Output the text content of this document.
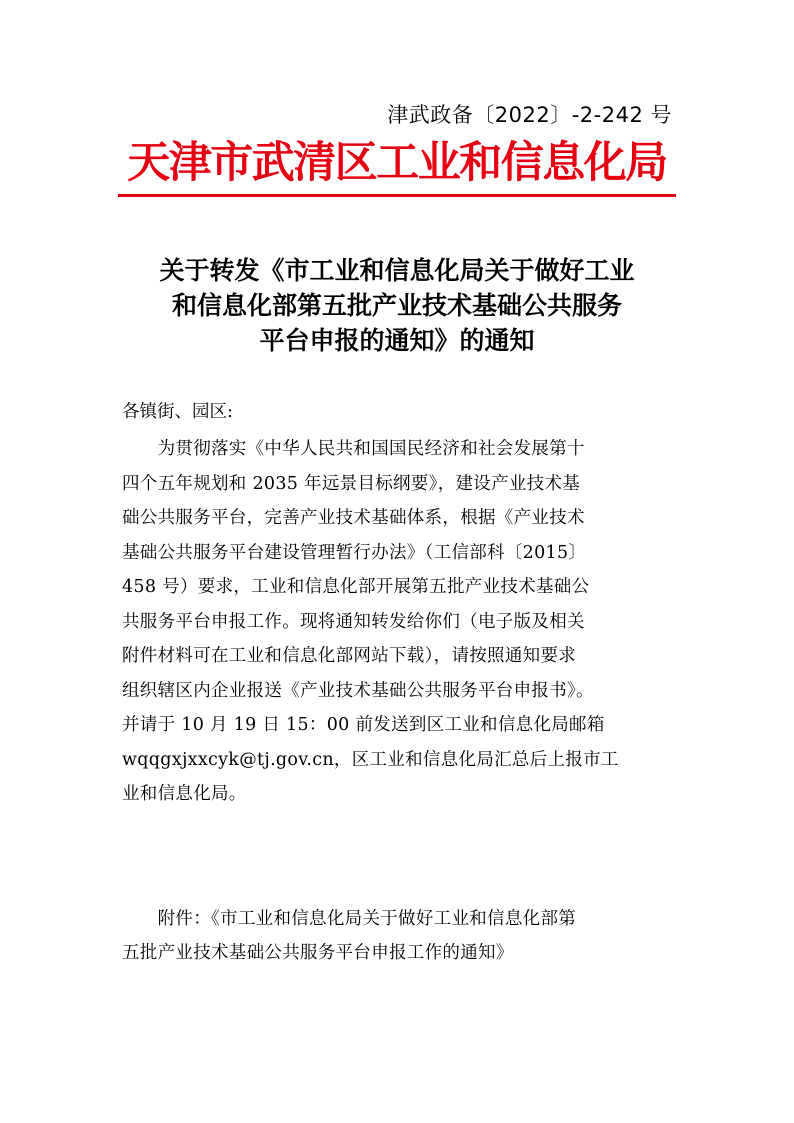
津武政备〔2022〕-2-242 号
天津市武清区工业和信息化局
关于转发《市工业和信息化局关于做好工业
和信息化部第五批产业技术基础公共服务
平台申报的通知》的通知
各镇街、园区:
　　为贯彻落实《中华人民共和国国民经济和社会发展第十
四个五年规划和 2035 年远景目标纲要》，建设产业技术基
础公共服务平台，完善产业技术基础体系，根据《产业技术
基础公共服务平台建设管理暂行办法》（工信部科〔2015〕
458 号）要求，工业和信息化部开展第五批产业技术基础公
共服务平台申报工作。现将通知转发给你们（电子版及相关
附件材料可在工业和信息化部网站下载），请按照通知要求
组织辖区内企业报送《产业技术基础公共服务平台申报书》。
并请于 10 月 19 日 15：00 前发送到区工业和信息化局邮箱
wqqgxjxxcyk@tj.gov.cn，区工业和信息化局汇总后上报市工
业和信息化局。
　　附件：《市工业和信息化局关于做好工业和信息化部第
五批产业技术基础公共服务平台申报工作的通知》
